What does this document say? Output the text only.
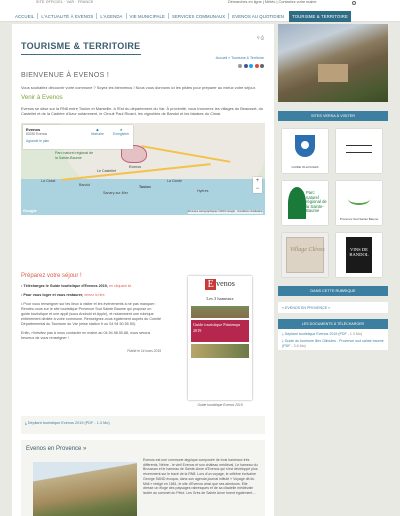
SITE OFFICIEL · VAR · FRANCE	Démarches en ligne | Météo | Contactez votre mairie
ACCUEIL	L'ACTUALITÉ À EVENOS	L'AGENDA	VIE MUNICIPALE	SERVICES COMMUNAUX	EVENOS AU QUOTIDIEN	TOURISME & TERRITOIRE
⚲ ⎙
TOURISME & TERRITOIRE
Accueil » Tourisme & Territoire
BIENVENUE À EVENOS !
Vous souhaitez découvrir votre commune ? Soyez les bienvenus ! Nous vous donnons ici les pistes pour préparer au mieux votre séjour.
Venir à Evenos
Evenos se situe sur la RN8 entre Toulon et Marseille, à l'Est du département du Var. À proximité, vous trouverez les villages du Beausset, du Castellet et de la Cadière d'Azur notamment, le Circuit Paul Ricard, les vignobles de Bandol et les falaises du Cimai.
Parc naturel régional de la Sainte-Baume
Le Castellet
La Ciotat
Bandol
Evenos
Toulon
La Garde
Hyères
Sanary-sur-Mer
Evenos
83330 Evenos
Agrandir le plan
◆
Itinéraire
★
Enregistrer
+
−
Google	Données cartographiques ©2019 Google · Conditions d'utilisation
Préparez votre séjour !
• Téléchargez le Guide touristique d'Evenos 2019, en cliquant ici.
• Pour vous loger et vous restaurer, venez ici lire.
• Pour vous renseigner sur les lieux à visiter et les événements à ne pas manquer : Rendez-vous sur le site touristique Provence Sud Sainte Baume qui propose un guide touristique et une appli (sous Android et Apple), et notamment une rubrique entièrement dédiée à votre commune. Renseignez-vous également auprès du Comité Départemental du Tourisme du Var (mise station fr ou 04 94 50 55 50).
Enfin, n'hésitez pas à nous contacter en mairie au 04.94.98.50.88, nous serons heureux de vous renseigner !
Publié le 14 mars 2019
E venos
Les 3 hameaux
Guide touristique Printemps 2019
Guide touristique Evenos 2019
⤓ Dépliant touristique Evenos 2019 (PDF - 1.3 Mo)
Evenos en Provence »
Evenos est une commune atypique composée de trois hameaux très différents, Nèbre - le vieil Evenos et son château médiéval, Le hameau du Broussan et le hameau de Sainte-Anne d'Evenos qui s'est développé plus récemment sur le tracé de la RN8. Lors d'un voyage, le célèbre écrivaine George SAND évoqua, dans son agenda journal intitulé « Voyage dit du Midi » rédigé en 1861, le site d'Evenos ainsi que ses alentours. Elle dresse un éloge des paysages rabresques et de sa citadelle médiévale isolée au sommet du Pétol. Les Grès de Sainte Anne furent également…
SITES VERSA À VISITER
GUIDE OLLIOULES
Parc naturel régional de la Sainte-Baume
Provence Sud Sainte Baume
Village Clévos	VINS DE BANDOL
DANS CETTE RUBRIQUE
» EVENOS EN PROVENCE »
LES DOCUMENTS À TÉLÉCHARGER
⤓ Dépliant touristique Evenos 2019 (PDF - 1.3 Mo)
⤓ Guide du tourisme illex Ollioules - Provence sud sainte baume (PDF - 3.6 Mo)
